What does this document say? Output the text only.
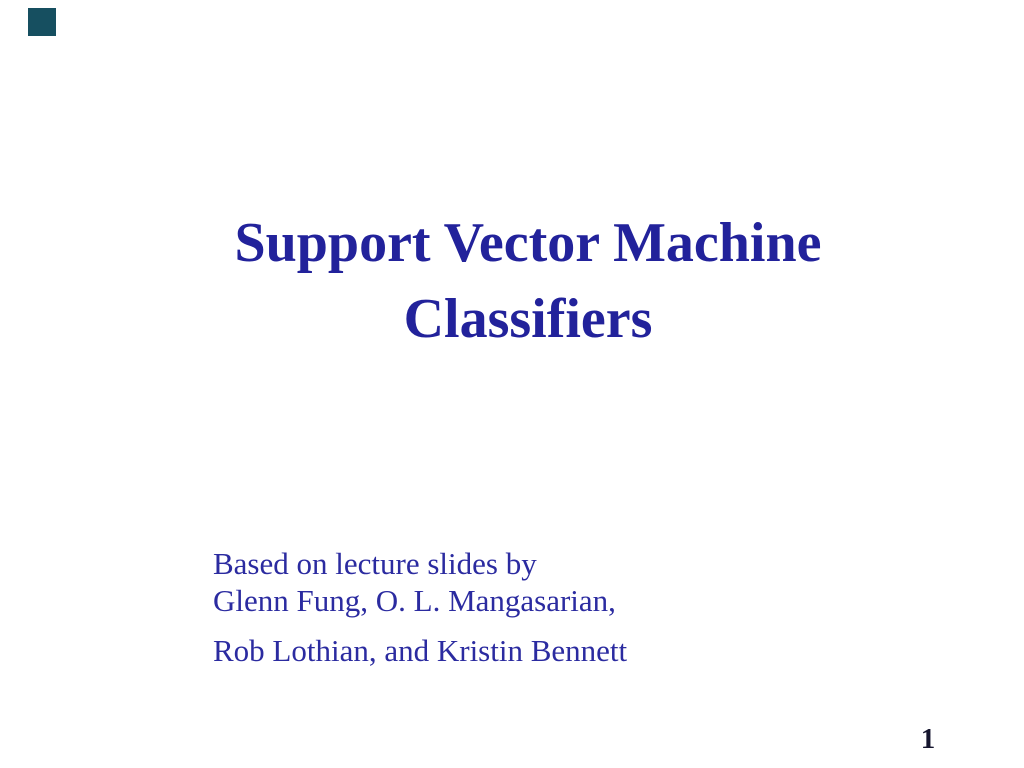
Support Vector Machine
Classifiers
Based on lecture slides by
Glenn Fung, O. L. Mangasarian,
Rob Lothian, and Kristin Bennett
1
